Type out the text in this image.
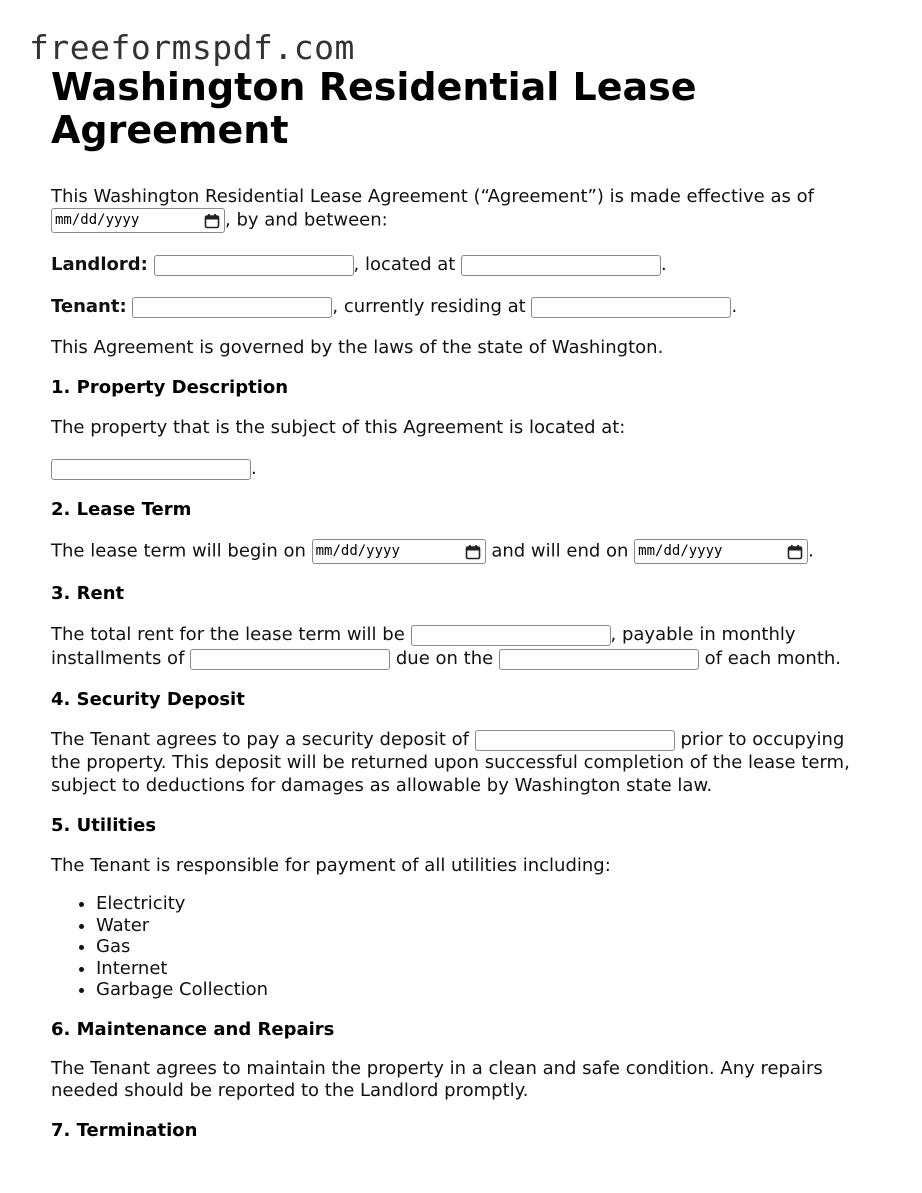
freeformspdf.com
Washington Residential Lease Agreement

This Washington Residential Lease Agreement (“Agreement”) is made effective as of

mm/dd/yyyy	, by and between:

Landlord:	, located at	.

Tenant:	, currently residing at	.

This Agreement is governed by the laws of the state of Washington.

1. Property Description

The property that is the subject of this Agreement is located at:

.

2. Lease Term

The lease term will begin on mm/dd/yyyy	and will end on mm/dd/yyyy	.

3. Rent

The total rent for the lease term will be	, payable in monthly installments of	due on the	of each month.

4. Security Deposit

The Tenant agrees to pay a security deposit of	prior to occupying the property. This deposit will be returned upon successful completion of the lease term, subject to deductions for damages as allowable by Washington state law.

5. Utilities

The Tenant is responsible for payment of all utilities including:

• Electricity
• Water
• Gas
• Internet
• Garbage Collection
6. Maintenance and Repairs

The Tenant agrees to maintain the property in a clean and safe condition. Any repairs needed should be reported to the Landlord promptly.

7. Termination
